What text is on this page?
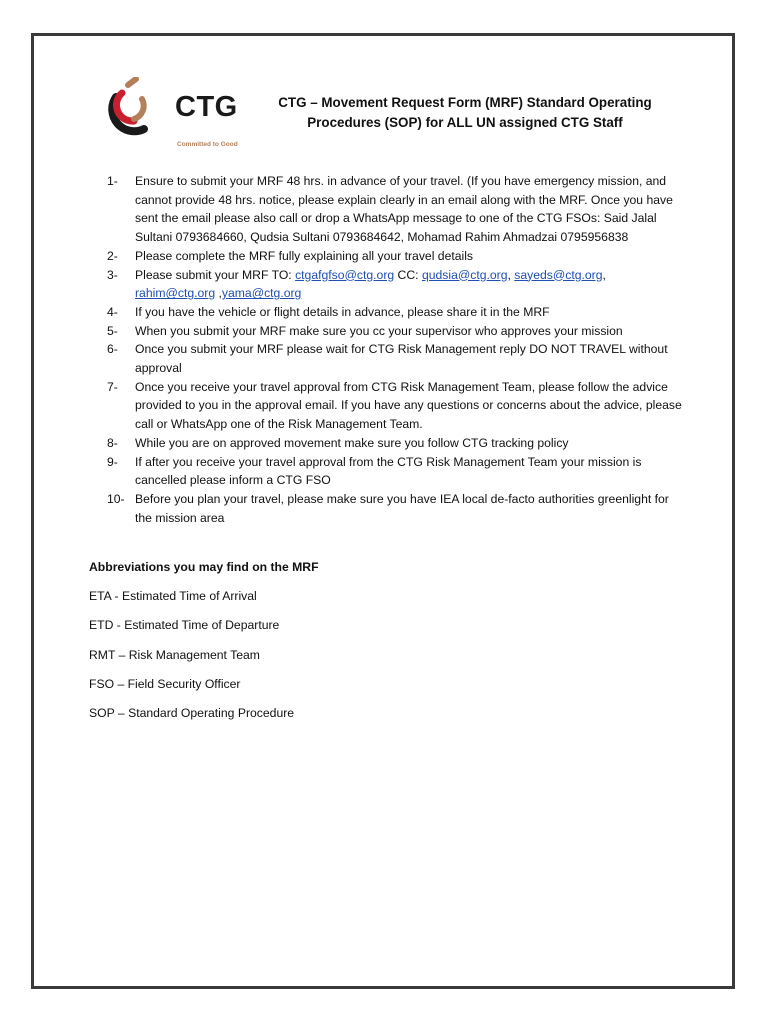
CTG
Committed to Good
CTG – Movement Request Form (MRF) Standard Operating Procedures (SOP) for ALL UN assigned CTG Staff
1- Ensure to submit your MRF 48 hrs. in advance of your travel. (If you have emergency mission, and cannot provide 48 hrs. notice, please explain clearly in an email along with the MRF. Once you have sent the email please also call or drop a WhatsApp message to one of the CTG FSOs: Said Jalal Sultani 0793684660, Qudsia Sultani 0793684642, Mohamad Rahim Ahmadzai 0795956838
2- Please complete the MRF fully explaining all your travel details
3- Please submit your MRF TO: ctgafgfso@ctg.org CC: qudsia@ctg.org, sayeds@ctg.org, rahim@ctg.org ,yama@ctg.org
4- If you have the vehicle or flight details in advance, please share it in the MRF
5- When you submit your MRF make sure you cc your supervisor who approves your mission
6- Once you submit your MRF please wait for CTG Risk Management reply DO NOT TRAVEL without approval
7- Once you receive your travel approval from CTG Risk Management Team, please follow the advice provided to you in the approval email. If you have any questions or concerns about the advice, please call or WhatsApp one of the Risk Management Team.
8- While you are on approved movement make sure you follow CTG tracking policy
9- If after you receive your travel approval from the CTG Risk Management Team your mission is cancelled please inform a CTG FSO
10- Before you plan your travel, please make sure you have IEA local de-facto authorities greenlight for the mission area
Abbreviations you may find on the MRF
ETA - Estimated Time of Arrival
ETD - Estimated Time of Departure
RMT – Risk Management Team
FSO – Field Security Officer
SOP – Standard Operating Procedure
